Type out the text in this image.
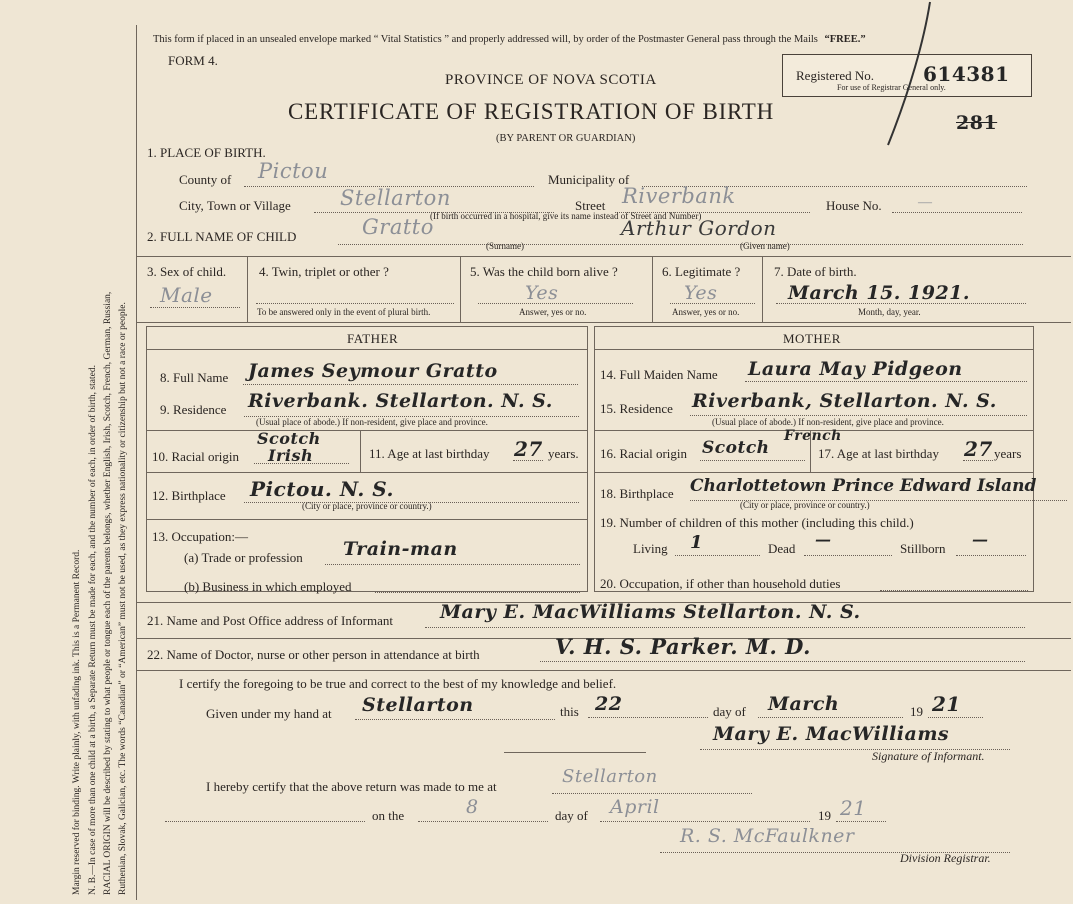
Margin reserved for binding. Write plainly, with unfading ink. This is a Permanent Record. N. B.—In case of more than one child at a birth, a Separate Return must be made for each, and the number of each, in order of birth, stated. RACIAL ORIGIN will be described by stating to what people or tongue each of the parents belongs, whether English, Irish, Scotch, French, German, Russian, Ruthenian, Slovak, Galician, etc. The words “Canadian” or “American” must not be used, as they express nationality or citizenship but not a race or people.
This form if placed in an unsealed envelope marked “ Vital Statistics ” and properly addressed will, by order of the Postmaster General pass through the Mails “FREE.”
FORM 4.
PROVINCE OF NOVA SCOTIA
CERTIFICATE OF REGISTRATION OF BIRTH
(BY PARENT OR GUARDIAN)
Registered No. 614381
For use of Registrar General only.
281
1. PLACE OF BIRTH.
County of Pictou	Municipality of
City, Town or Village Stellarton	Street Riverbank	House No.	—
(If birth occurred in a hospital, give its name instead of Street and Number)
2. FULL NAME OF CHILD	Gratto	Arthur Gordon
(Surname)	(Given name)
3. Sex of child.
Male
4. Twin, triplet or other ?
To be answered only in the event of plural birth.
5. Was the child born alive ?
Yes
Answer, yes or no.
6. Legitimate ?
Yes
Answer, yes or no.
7. Date of birth.
March 15. 1921.
Month, day, year.
FATHER	MOTHER
8. Full Name James Seymour Gratto
9. Residence Riverbank. Stellarton. N. S.
(Usual place of abode.) If non-resident, give place and province.
10. Racial origin
Scotch
Irish	11. Age at last birthday 27 years.
12. Birthplace Pictou. N. S.
(City or place, province or country.)
13. Occupation:—
(a) Trade or profession Train-man
(b) Business in which employed
14. Full Maiden Name Laura May Pidgeon
15. Residence Riverbank, Stellarton. N. S.
(Usual place of abode.) If non-resident, give place and province.
16. Racial origin Scotch
French
17. Age at last birthday 27 years
18. Birthplace Charlottetown Prince Edward Island
(City or place, province or country.)
19. Number of children of this mother (including this child.)
Living 1	Dead —	Stillborn —
20. Occupation, if other than household duties
21. Name and Post Office address of Informant Mary E. MacWilliams Stellarton. N. S.
22. Name of Doctor, nurse or other person in attendance at birth	V. H. S. Parker. M. D.
I certify the foregoing to be true and correct to the best of my knowledge and belief.
Given under my hand at Stellarton	this 22	day of March	19 21
Mary E. MacWilliams
Signature of Informant.
I hereby certify that the above return was made to me at	Stellarton
on the	8	day of April	19 21
R. S. McFaulkner
Division Registrar.
